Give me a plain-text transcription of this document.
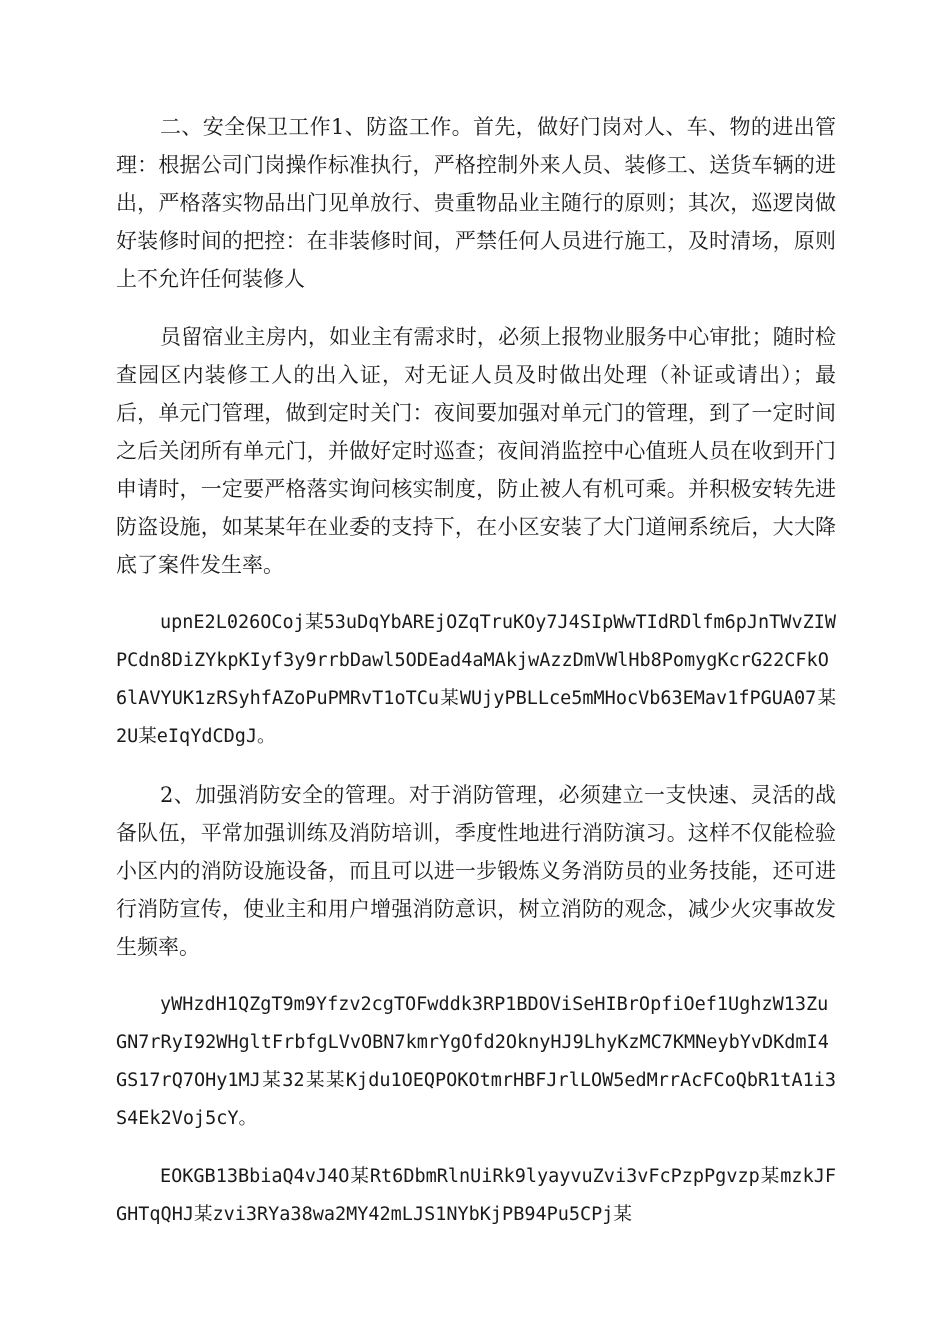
二、安全保卫工作1、防盗工作。首先，做好门岗对人、车、物的进出管理：根据公司门岗操作标准执行，严格控制外来人员、装修工、送货车辆的进出，严格落实物品出门见单放行、贵重物品业主随行的原则；其次，巡逻岗做好装修时间的把控：在非装修时间，严禁任何人员进行施工，及时清场，原则上不允许任何装修人

员留宿业主房内，如业主有需求时，必须上报物业服务中心审批；随时检查园区内装修工人的出入证，对无证人员及时做出处理（补证或请出）；最后，单元门管理，做到定时关门：夜间要加强对单元门的管理，到了一定时间之后关闭所有单元门，并做好定时巡查；夜间消监控中心值班人员在收到开门申请时，一定要严格落实询问核实制度，防止被人有机可乘。并积极安转先进防盗设施，如某某年在业委的支持下，在小区安装了大门道闸系统后，大大降底了案件发生率。

upnE2L026OCoj某53uDqYbAREjOZqTruKOy7J4SIpWwTIdRDlfm6pJnTWvZIWPCdn8DiZYkpKIyf3y9rrbDawl5ODEad4aMAkjwAzzDmVWlHb8PomygKcrG22CFkO6lAVYUK1zRSyhfAZoPuPMRvT1oTCu某WUjyPBLLce5mMHocVb63EMav1fPGUA07某2U某eIqYdCDgJ。

2、加强消防安全的管理。对于消防管理，必须建立一支快速、灵活的战备队伍，平常加强训练及消防培训，季度性地进行消防演习。这样不仅能检验小区内的消防设施设备，而且可以进一步锻炼义务消防员的业务技能，还可进行消防宣传，使业主和用户增强消防意识，树立消防的观念，减少火灾事故发生频率。

yWHzdH1QZgT9m9Yfzv2cgTOFwddk3RP1BDOViSeHIBrOpfiOef1UghzW13ZuGN7rRyI92WHgltFrbfgLVvOBN7kmrYgOfd2OknyHJ9LhyKzMC7KMNeybYvDKdmI4GS17rQ7OHy1MJ某32某某Kjdu1OEQPOKOtmrHBFJrlLOW5edMrrAcFCoQbR1tA1i3S4Ek2Voj5cY。

EOKGB13BbiaQ4vJ4O某Rt6DbmRlnUiRk9lyayvuZvi3vFcPzpPgvzp某mzkJFGHTqQHJ某zvi3RYa38wa2MY42mLJS1NYbKjPB94Pu5CPj某
